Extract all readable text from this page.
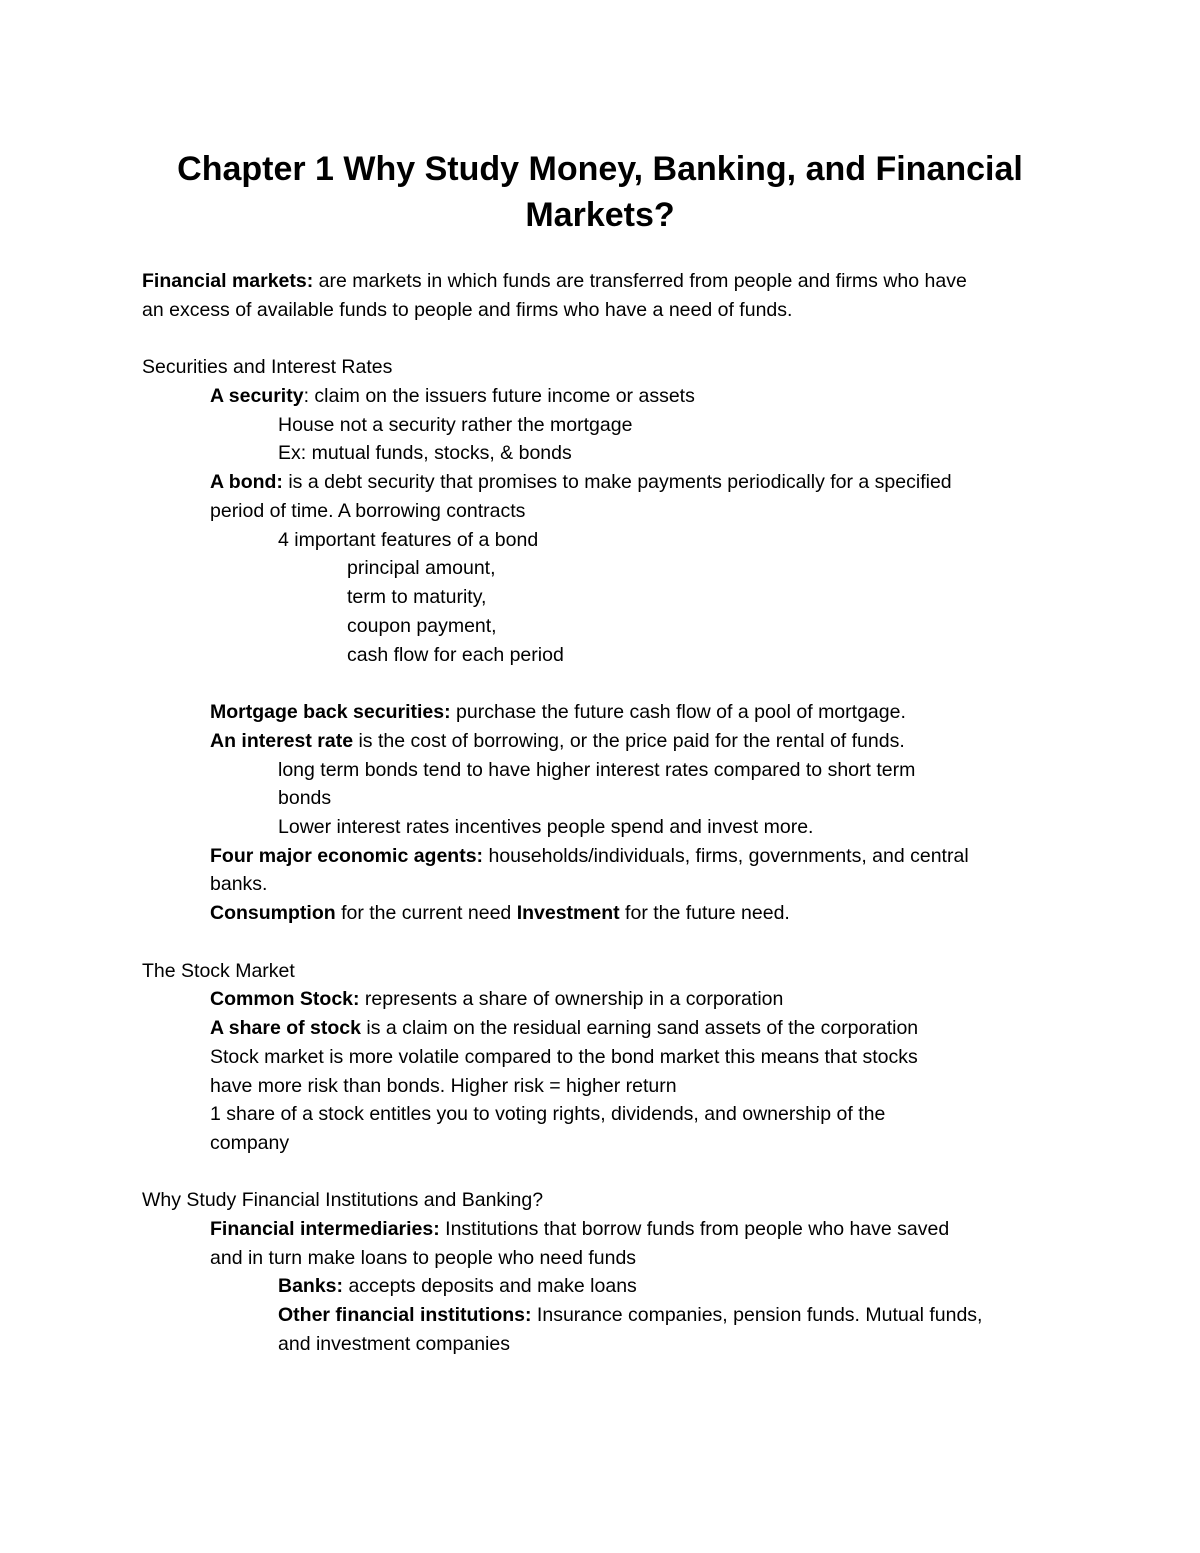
Chapter 1 Why Study Money, Banking, and Financial Markets?
Financial markets: are markets in which funds are transferred from people and firms who have
an excess of available funds to people and firms who have a need of funds.
Securities and Interest Rates
A security: claim on the issuers future income or assets
House not a security rather the mortgage
Ex: mutual funds, stocks, & bonds
A bond: is a debt security that promises to make payments periodically for a specified
period of time. A borrowing contracts
4 important features of a bond
principal amount,
term to maturity,
coupon payment,
cash flow for each period
Mortgage back securities: purchase the future cash flow of a pool of mortgage.
An interest rate is the cost of borrowing, or the price paid for the rental of funds.
long term bonds tend to have higher interest rates compared to short term
bonds
Lower interest rates incentives people spend and invest more.
Four major economic agents: households/individuals, firms, governments, and central
banks.
Consumption for the current need Investment for the future need.
The Stock Market
Common Stock: represents a share of ownership in a corporation
A share of stock is a claim on the residual earning sand assets of the corporation
Stock market is more volatile compared to the bond market this means that stocks
have more risk than bonds. Higher risk = higher return
1 share of a stock entitles you to voting rights, dividends, and ownership of the
company
Why Study Financial Institutions and Banking?
Financial intermediaries: Institutions that borrow funds from people who have saved
and in turn make loans to people who need funds
Banks: accepts deposits and make loans
Other financial institutions: Insurance companies, pension funds. Mutual funds,
and investment companies
